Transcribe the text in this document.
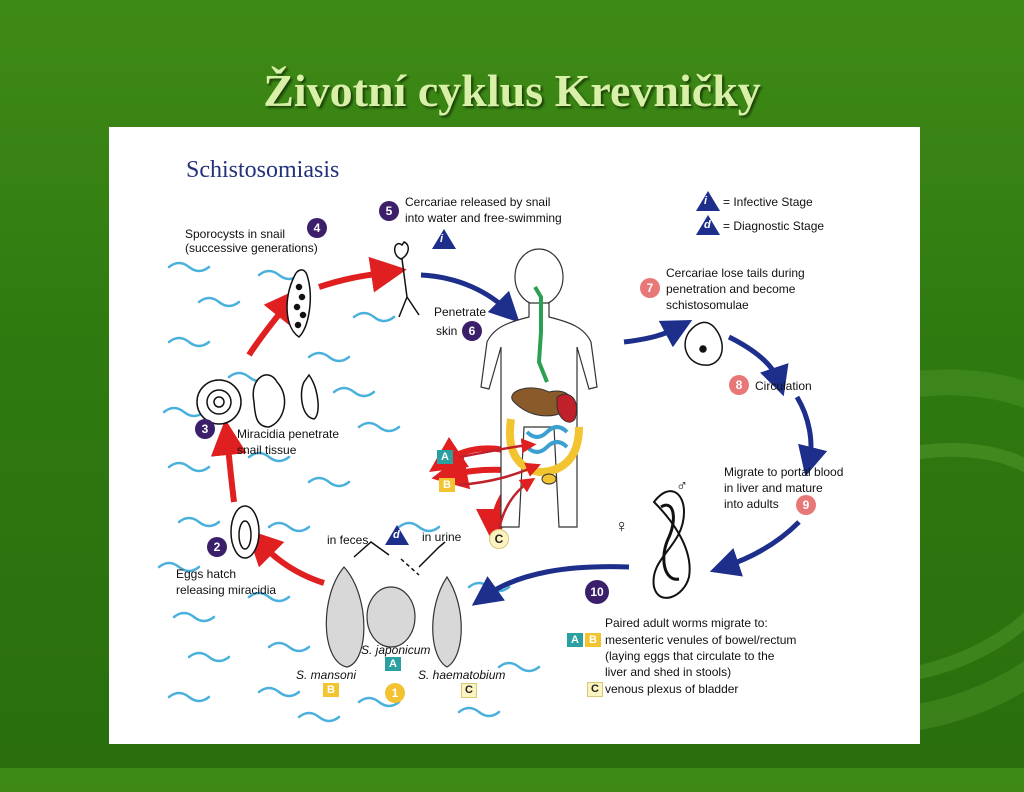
Životní cyklus Krevničky
Schistosomiasis
i = Infective Stage
d = Diagnostic Stage
Sporocysts in snail
(successive generations)
4
5
Cercariae released by snail
into water and free-swimming
i
Penetrate
skin 6
7
Cercariae lose tails during
penetration and become
schistosomulae
8	Circulation
Migrate to portal blood
in liver and mature
into adults	9
♂
♀
10
Paired adult worms migrate to:
A B mesenteric venules of bowel/rectum
(laying eggs that circulate to the
liver and shed in stools)
C venous plexus of bladder
A
B
C
3	Miracidia penetrate
snail tissue
2
Eggs hatch
releasing miracidia
in feces d in urine
S. japonicum
A
S. mansoni	S. haematobium
B	1	C
